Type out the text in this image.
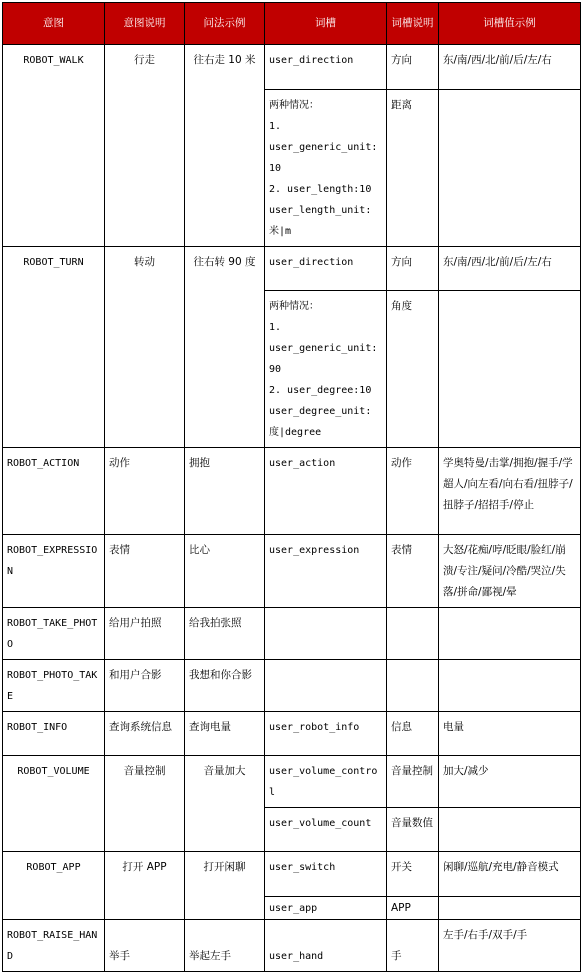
意图	意图说明	问法示例	词槽	词槽说明	词槽值示例
ROBOT_WALK	行走	往右走 10 米	user_direction	方向	东/南/西/北/前/后/左/右

			两种情况：
1.
user_generic_unit:10
2. user_length:10
user_length_unit:米|m	距离	
ROBOT_TURN	转动	往右转 90 度	user_direction	方向	东/南/西/北/前/后/左/右

			两种情况：
1.
user_generic_unit:90
2. user_degree:10
user_degree_unit:度|degree	角度	
ROBOT_ACTION	动作	拥抱	user_action	动作	学奥特曼/击掌/拥抱/握手/学超人/向左看/向右看/扭脖子/扭脖子/招招手/停止
ROBOT_EXPRESSION	表情	比心	user_expression	表情	大怒/花痴/哼/眨眼/脸红/崩溃/专注/疑问/冷酷/哭泣/失落/拼命/鄙视/晕
ROBOT_TAKE_PHOTO	给用户拍照	给我拍张照			
ROBOT_PHOTO_TAKE	和用户合影	我想和你合影			
ROBOT_INFO	查询系统信息	查询电量	user_robot_info	信息	电量
ROBOT_VOLUME	音量控制	音量加大	user_volume_control	音量控制	加大/减少
			user_volume_count	音量数值	
ROBOT_APP	打开 APP	打开闲聊	user_switch	开关	闲聊/巡航/充电/静音模式
			user_app	APP	
ROBOT_RAISE_HAND	举手	举起左手	user_hand	手	左手/右手/双手/手
